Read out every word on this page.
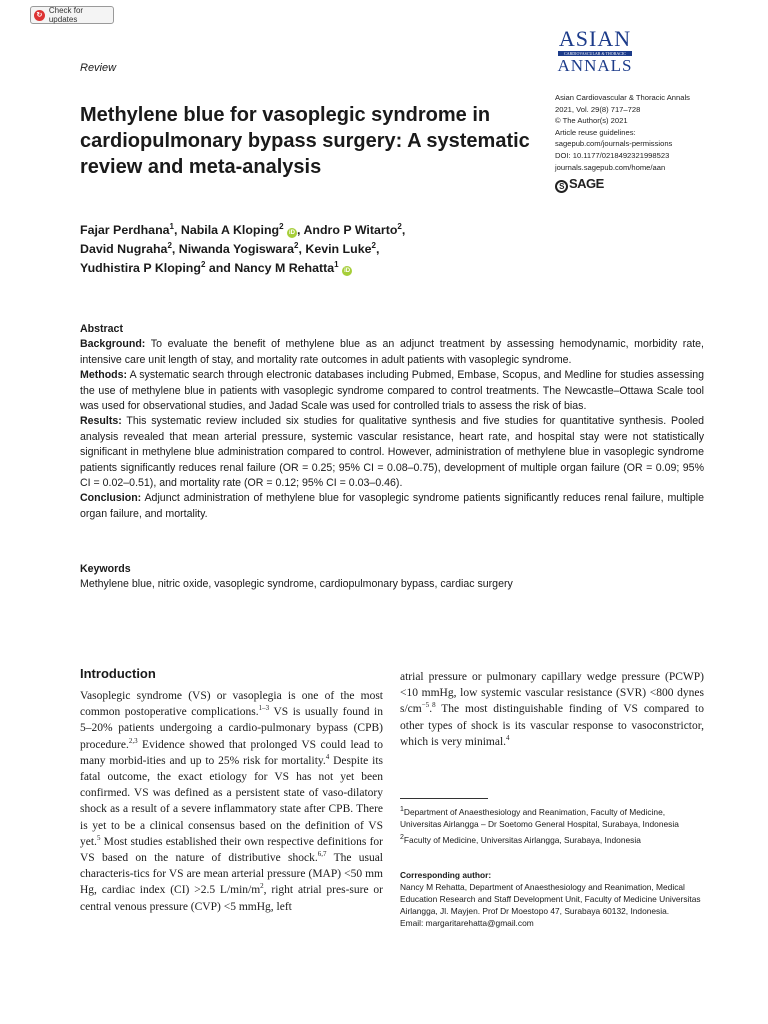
↻
Check for updates
Review
ASIAN
CARDIOVASCULAR & THORACIC
ANNALS
Methylene blue for vasoplegic syndrome in cardiopulmonary bypass surgery: A systematic review and meta-analysis
Asian Cardiovascular & Thoracic Annals
2021, Vol. 29(8) 717–728
© The Author(s) 2021
Article reuse guidelines:
sagepub.com/journals-permissions
DOI: 10.1177/0218492321998523
journals.sagepub.com/home/aan
S SAGE
Fajar Perdhana$^1$, Nabila A Kloping$^2$ iD , Andro P Witarto$^2$,
David Nugraha$^2$, Niwanda Yogiswara$^2$, Kevin Luke$^2$,
Yudhistira P Kloping$^2$ and Nancy M Rehatta$^1$ iD
Abstract

Background: To evaluate the benefit of methylene blue as an adjunct treatment by assessing hemodynamic, morbidity rate, intensive care unit length of stay, and mortality rate outcomes in adult patients with vasoplegic syndrome.

Methods: A systematic search through electronic databases including Pubmed, Embase, Scopus, and Medline for studies assessing the use of methylene blue in patients with vasoplegic syndrome compared to control treatments. The Newcastle–Ottawa Scale tool was used for observational studies, and Jadad Scale was used for controlled trials to assess the risk of bias.

Results: This systematic review included six studies for qualitative synthesis and five studies for quantitative synthesis. Pooled analysis revealed that mean arterial pressure, systemic vascular resistance, heart rate, and hospital stay were not statistically significant in methylene blue administration compared to control. However, administration of methylene blue in vasoplegic syndrome patients significantly reduces renal failure (OR = 0.25; 95% CI = 0.08–0.75), development of multiple organ failure (OR = 0.09; 95% CI = 0.02–0.51), and mortality rate (OR = 0.12; 95% CI = 0.03–0.46).

Conclusion: Adjunct administration of methylene blue for vasoplegic syndrome patients significantly reduces renal failure, multiple organ failure, and mortality.

Keywords
Methylene blue, nitric oxide, vasoplegic syndrome, cardiopulmonary bypass, cardiac surgery
Introduction
Vasoplegic syndrome (VS) or vasoplegia is one of the most common postoperative complications.$^{1-3}$ VS is usually found in 5–20% patients undergoing a cardio-pulmonary bypass (CPB) procedure.$^{2,3}$ Evidence showed that prolonged VS could lead to many morbid-ities and up to 25% risk for mortality.$^4$ Despite its fatal outcome, the exact etiology for VS has not yet been confirmed. VS was defined as a persistent state of vaso-dilatory shock as a result of a severe inflammatory state after CPB. There is yet to be a clinical consensus based on the definition of VS yet.$^5$ Most studies established their own respective definitions for VS based on the nature of distributive shock.$^{6,7}$ The usual characteris-tics for VS are mean arterial pressure (MAP) <50 mm Hg, cardiac index (CI) >2.5 $L/\min/m^2$, right atrial pres-sure or central venous pressure (CVP) <5 mmHg, left
atrial pressure or pulmonary capillary wedge pressure (PCWP) <10 mmHg, low systemic vascular resistance (SVR) <800 dynes $s/cm^{-5}.^8$ The most distinguishable finding of VS compared to other types of shock is its vascular response to vasoconstrictor, which is very minimal.$^4$

$^1$Department of Anaesthesiology and Reanimation, Faculty of Medicine, Universitas Airlangga – Dr Soetomo General Hospital, Surabaya, Indonesia

$^2$Faculty of Medicine, Universitas Airlangga, Surabaya, Indonesia

Corresponding author:
Nancy M Rehatta, Department of Anaesthesiology and Reanimation, Medical Education Research and Staff Development Unit, Faculty of Medicine Universitas Airlangga, Jl. Mayjen. Prof Dr Moestopo 47, Surabaya 60132, Indonesia.
Email: margaritarehatta@gmail.com
